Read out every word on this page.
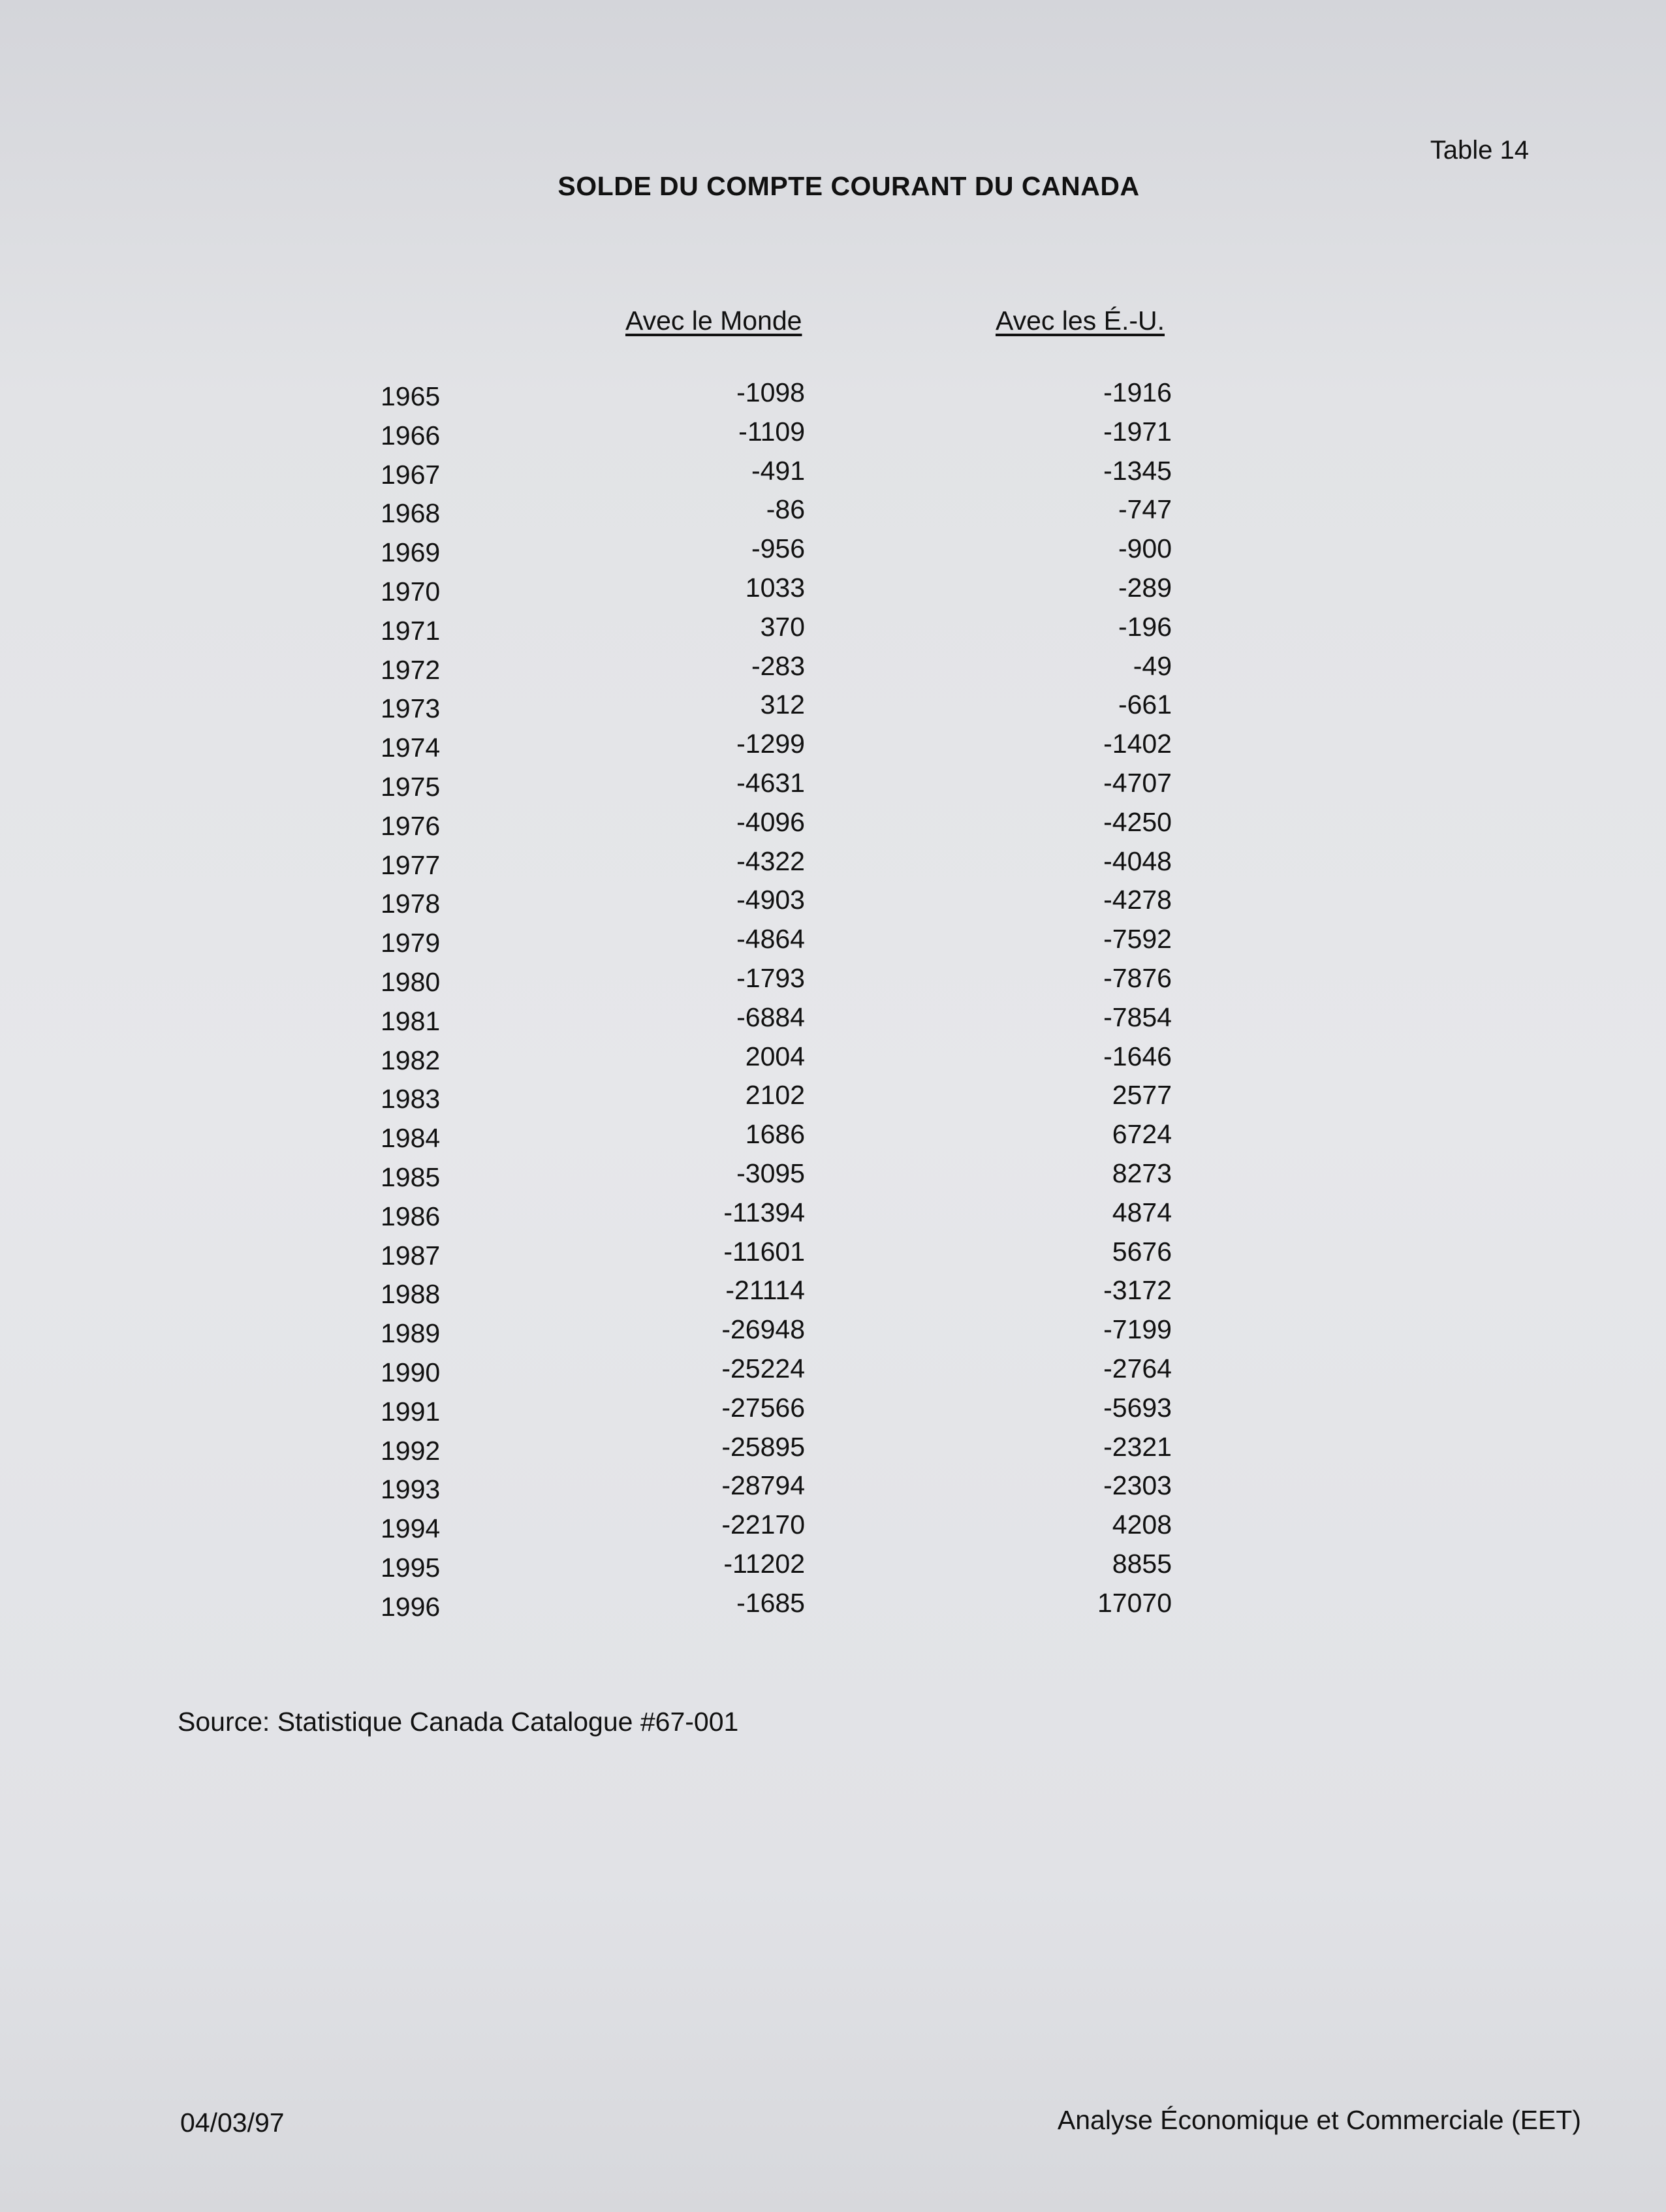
Table 14

SOLDE DU COMPTE COURANT DU CANADA

Avec le Monde	Avec les É.-U.

1965	-1098	-1916
1966	-1109	-1971
1967	-491	-1345
1968	-86	-747
1969	-956	-900
1970	1033	-289
1971	370	-196
1972	-283	-49
1973	312	-661
1974	-1299	-1402
1975	-4631	-4707
1976	-4096	-4250
1977	-4322	-4048
1978	-4903	-4278
1979	-4864	-7592
1980	-1793	-7876
1981	-6884	-7854
1982	2004	-1646
1983	2102	2577
1984	1686	6724
1985	-3095	8273
1986	-11394	4874
1987	-11601	5676
1988	-21114	-3172
1989	-26948	-7199
1990	-25224	-2764
1991	-27566	-5693
1992	-25895	-2321
1993	-28794	-2303
1994	-22170	4208
1995	-11202	8855
1996	-1685	17070

Source: Statistique Canada Catalogue #67-001

04/03/97	Analyse Économique et Commerciale (EET)
